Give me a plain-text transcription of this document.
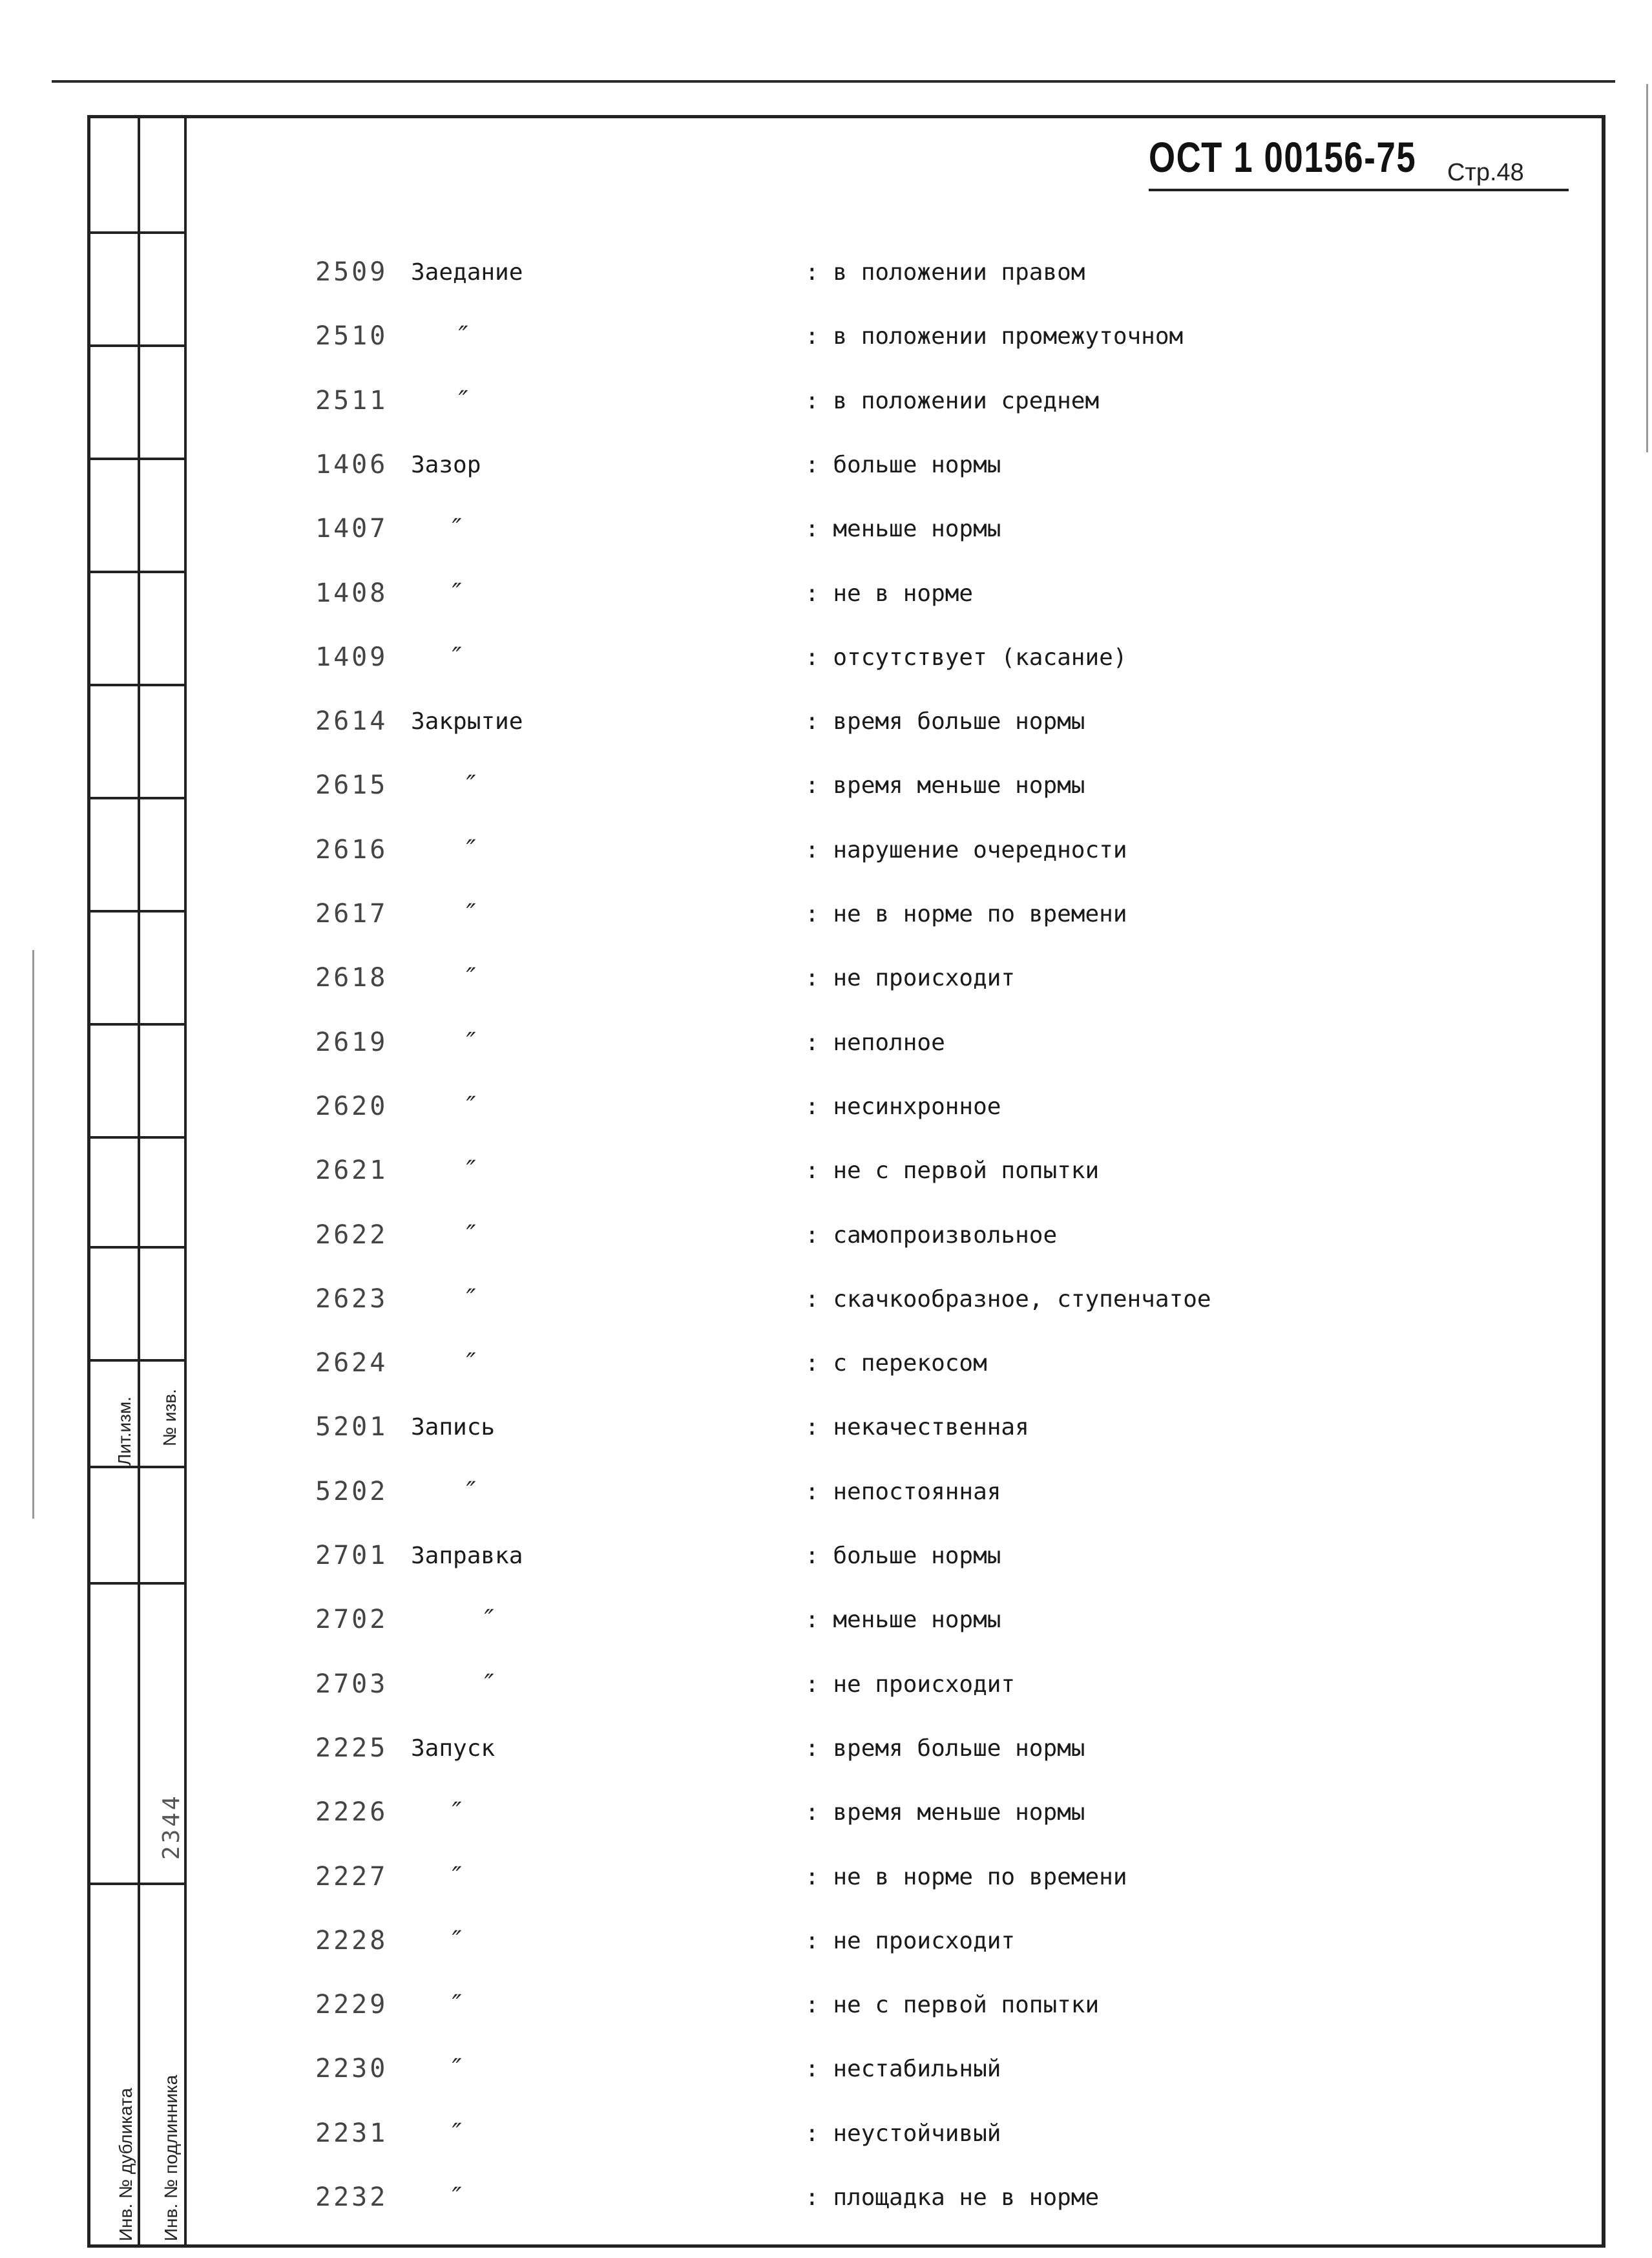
Лит.изм. № изв.
2344
Инв. № дубликата Инв. № подлинника
ОСТ 1 00156-75 Стр.48
2509 Заедание	: в положении правом
2510 ″	: в положении промежуточном
2511 ″	: в положении среднем
1406 Зазор	: больше нормы
1407 ″	: меньше нормы
1408 ″	: не в норме
1409 ″	: отсутствует (касание)
2614 Закрытие	: время больше нормы
2615	″	: время меньше нормы
2616	″	: нарушение очередности
2617	″	: не в норме по времени
2618	″	: не происходит
2619	″	: неполное
2620	″	: несинхронное
2621	″	: не с первой попытки
2622	″	: самопроизвольное
2623	″	: скачкообразное, ступенчатое
2624	″	: с перекосом
5201 Запись	: некачественная
5202	″	: непостоянная
2701 Заправка	: больше нормы
2702	″	: меньше нормы
2703	″	: не происходит
2225 Запуск	: время больше нормы
2226 ″	: время меньше нормы
2227 ″	: не в норме по времени
2228 ″	: не происходит
2229 ″	: не с первой попытки
2230 ″	: нестабильный
2231 ″	: неустойчивый
2232 ″	: площадка не в норме
